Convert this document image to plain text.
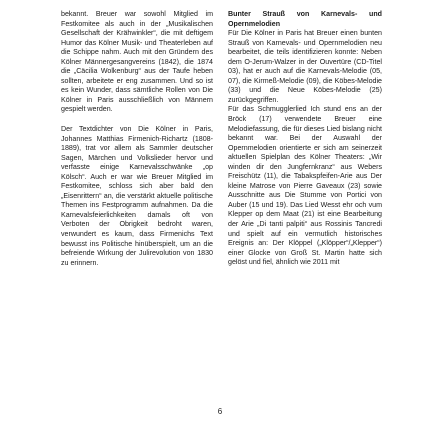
bekannt. Breuer war sowohl Mitglied im Festkomitee als auch in der „Musikalischen Gesellschaft der Krähwinkler“, die mit deftigem Humor das Kölner Musik- und Theaterleben auf die Schippe nahm. Auch mit den Gründern des Kölner Männergesangvereins (1842), die 1874 die „Cäcilia Wolkenburg“ aus der Taufe heben sollten, arbeitete er eng zusammen. Und so ist es kein Wunder, dass sämtliche Rollen von Die Kölner in Paris ausschließlich von Männern gespielt werden.

Der Textdichter von Die Kölner in Paris, Johannes Matthias Firmenich-Richartz (1808-1889), trat vor allem als Sammler deutscher Sagen, Märchen und Volkslieder hervor und verfasste einige Karnevalsschwänke „op Kölsch“. Auch er war wie Breuer Mitglied im Festkomitee, schloss sich aber bald den „Eisenrittern“ an, die verstärkt aktuelle politische Themen ins Festprogramm aufnahmen. Da die Karnevalsfeierlichkeiten damals oft von Verboten der Obrigkeit bedroht waren, verwundert es kaum, dass Firmenichs Text bewusst ins Politische hinüberspielt, um an die befreiende Wirkung der Julirevolution von 1830 zu erinnern.

Bunter Strauß von Karnevals- und Opernmelodien

Für Die Kölner in Paris hat Breuer einen bunten Strauß von Karnevals- und Opernmelodien neu bearbeitet, die teils identifizieren konnte: Neben dem O-Jerum-Walzer in der Ouvertüre (CD-Titel 03), hat er auch auf die Karnevals-Melodie (05, 07), die Kirmeß-Melodie (09), die Köbes-Melodie (33) und die Neue Köbes-Melodie (25) zurückgegriffen.

Für das Schmugglerlied Ich stund ens an der Bröck (17) verwendete Breuer eine Melodiefassung, die für dieses Lied bislang nicht bekannt war. Bei der Auswahl der Opernmelodien orientierte er sich am seinerzeit aktuellen Spielplan des Kölner Theaters: „Wir winden dir den Jungfernkranz“ aus Webers Freischütz (11), die Tabakspfeifen-Arie aus Der kleine Matrose von Pierre Gaveaux (23) sowie Ausschnitte aus Die Stumme von Portici von Auber (15 und 19). Das Lied Wesst ehr och vum Klepper op dem Maat (21) ist eine Bearbeitung der Arie „Di tanti palpiti“ aus Rossinis Tancredi und spielt auf ein vermutlich historisches Ereignis an: Der Klöppel („Klöpper“/„Klepper“) einer Glocke von Groß St. Martin hatte sich gelöst und fiel, ähnlich wie 2011 mit

6
